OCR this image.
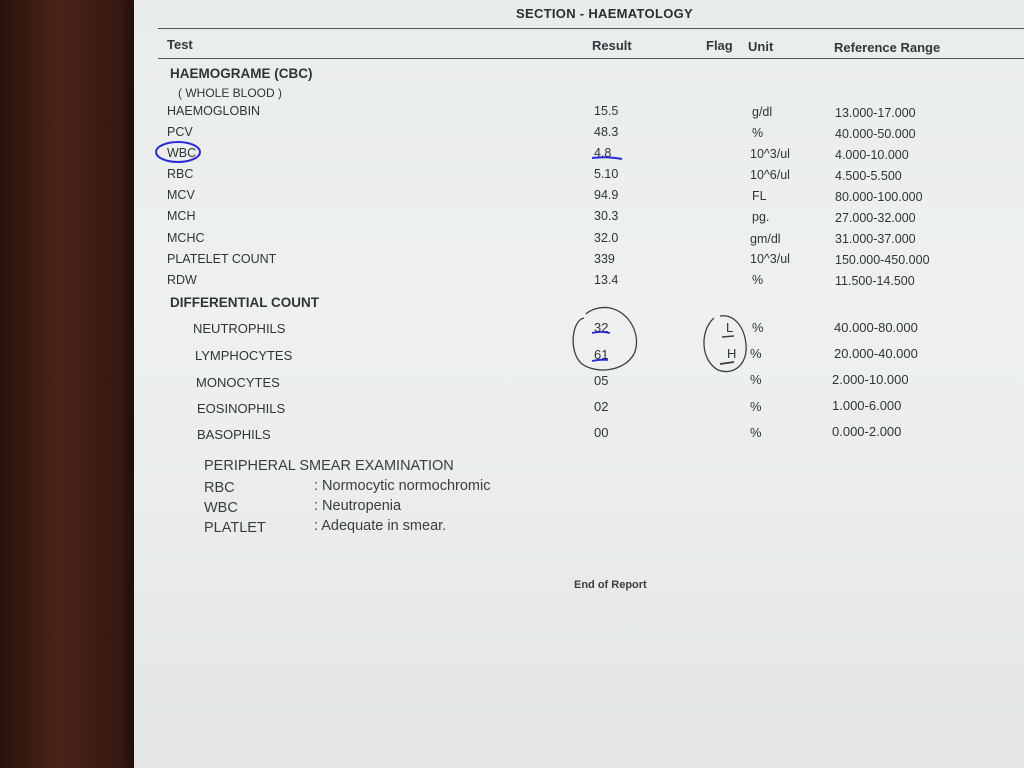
SECTION - HAEMATOLOGY
Test	Result	Flag Unit	Reference Range
HAEMOGRAME (CBC)
( WHOLE BLOOD )
HAEMOGLOBIN	15.5	g/dl	13.000-17.000
PCV	48.3	%	40.000-50.000
WBC	4.8	10^3/ul	4.000-10.000
RBC	5.10	10^6/ul	4.500-5.500
MCV	94.9	FL	80.000-100.000
MCH	30.3	pg.	27.000-32.000
MCHC	32.0	gm/dl	31.000-37.000
PLATELET COUNT	339	10^3/ul	150.000-450.000
RDW	13.4	%	11.500-14.500
DIFFERENTIAL COUNT
NEUTROPHILS	32	L %	40.000-80.000
LYMPHOCYTES	61	H %	20.000-40.000
MONOCYTES	05	%	2.000-10.000
EOSINOPHILS	02	%	1.000-6.000
BASOPHILS	00	%	0.000-2.000
PERIPHERAL SMEAR EXAMINATION
RBC	: Normocytic normochromic
WBC	: Neutropenia
PLATLET	: Adequate in smear.
End of Report
